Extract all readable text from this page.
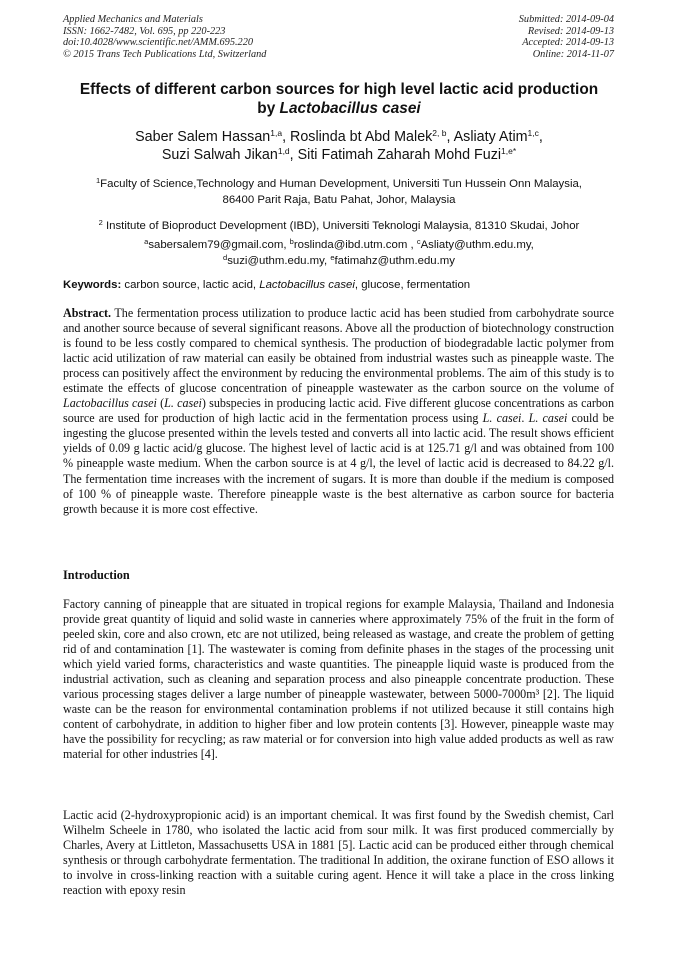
Applied Mechanics and Materials
ISSN: 1662-7482, Vol. 695, pp 220-223
doi:10.4028/www.scientific.net/AMM.695.220
© 2015 Trans Tech Publications Ltd, Switzerland
Submitted: 2014-09-04
Revised: 2014-09-13
Accepted: 2014-09-13
Online: 2014-11-07
Effects of different carbon sources for high level lactic acid production
by Lactobacillus casei
Saber Salem Hassan$^{1,a}$, Roslinda bt Abd Malek$^{2, b}$, Asliaty Atim$^{1,c}$,
Suzi Salwah Jikan$^{1,d}$, Siti Fatimah Zaharah Mohd Fuzi$^{1,e*}$
$^1$Faculty of Science,Technology and Human Development, Universiti Tun Hussein Onn Malaysia,
86400 Parit Raja, Batu Pahat, Johor, Malaysia
$^2$ Institute of Bioproduct Development (IBD), Universiti Teknologi Malaysia, 81310 Skudai, Johor
$^a$sabersalem79@gmail.com, $^b$roslinda@ibd.utm.com , $^c$Asliaty@uthm.edu.my,
$^d$suzi@uthm.edu.my, $^e$fatimahz@uthm.edu.my
Keywords: carbon source, lactic acid, Lactobacillus casei, glucose, fermentation
Abstract. The fermentation process utilization to produce lactic acid has been studied from carbohydrate source and another source because of several significant reasons. Above all the production of biotechnology construction is found to be less costly compared to chemical synthesis. The production of biodegradable lactic polymer from lactic acid utilization of raw material can easily be obtained from industrial wastes such as pineapple waste. The process can positively affect the environment by reducing the environmental problems. The aim of this study is to estimate the effects of glucose concentration of pineapple wastewater as the carbon source on the volume of Lactobacillus casei (L. casei) subspecies in producing lactic acid. Five different glucose concentrations as carbon source are used for production of high lactic acid in the fermentation process using L. casei. L. casei could be ingesting the glucose presented within the levels tested and converts all into lactic acid. The result shows efficient yields of 0.09 g lactic acid/g glucose. The highest level of lactic acid is at 125.71 g/l and was obtained from 100 % pineapple waste medium. When the carbon source is at 4 g/l, the level of lactic acid is decreased to 84.22 g/l. The fermentation time increases with the increment of sugars. It is more than double if the medium is composed of 100 % of pineapple waste. Therefore pineapple waste is the best alternative as carbon source for bacteria growth because it is more cost effective.
Introduction
Factory canning of pineapple that are situated in tropical regions for example Malaysia, Thailand and Indonesia provide great quantity of liquid and solid waste in canneries where approximately 75% of the fruit in the form of peeled skin, core and also crown, etc are not utilized, being released as wastage, and create the problem of getting rid of and contamination [1]. The wastewater is coming from definite phases in the stages of the processing unit which yield varied forms, characteristics and waste quantities. The pineapple liquid waste is produced from the industrial activation, such as cleaning and separation process and also pineapple concentrate production. These various processing stages deliver a large number of pineapple wastewater, between 5000-7000m³ [2]. The liquid waste can be the reason for environmental contamination problems if not utilized because it still contains high content of carbohydrate, in addition to higher fiber and low protein contents [3]. However, pineapple waste may have the possibility for recycling; as raw material or for conversion into high value added products as well as raw material for other industries [4].
Lactic acid (2-hydroxypropionic acid) is an important chemical. It was first found by the Swedish chemist, Carl Wilhelm Scheele in 1780, who isolated the lactic acid from sour milk. It was first produced commercially by Charles, Avery at Littleton, Massachusetts USA in 1881 [5]. Lactic acid can be produced either through chemical synthesis or through carbohydrate fermentation. The traditional In addition, the oxirane function of ESO allows it to involve in cross-linking reaction with a suitable curing agent. Hence it will take a place in the cross linking reaction with epoxy resin
